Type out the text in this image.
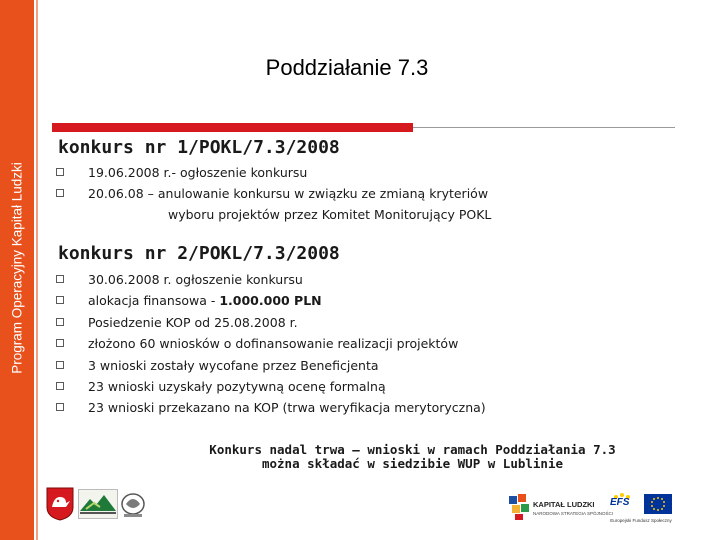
Program Operacyjny Kapitał Ludzki
Poddziałanie 7.3
konkurs nr 1/POKL/7.3/2008
19.06.2008 r.- ogłoszenie konkursu
20.06.08 – anulowanie konkursu w związku ze zmianą kryteriów
wyboru projektów przez Komitet Monitorujący POKL
konkurs nr 2/POKL/7.3/2008
30.06.2008 r. ogłoszenie konkursu
alokacja finansowa - 1.000.000 PLN
Posiedzenie KOP od 25.08.2008 r.
złożono 60 wniosków o dofinansowanie realizacji projektów
3 wnioski zostały wycofane przez Beneficjenta
23 wnioski uzyskały pozytywną ocenę formalną
23 wnioski przekazano na KOP (trwa weryfikacja merytoryczna)
Konkurs nadal trwa – wnioski w ramach Poddziałania 7.3
można składać w siedzibie WUP w Lublinie
KAPITAŁ LUDZKI
NARODOWA STRATEGIA SPÓJNOŚCI
EFS
Europejski Fundusz Społeczny
